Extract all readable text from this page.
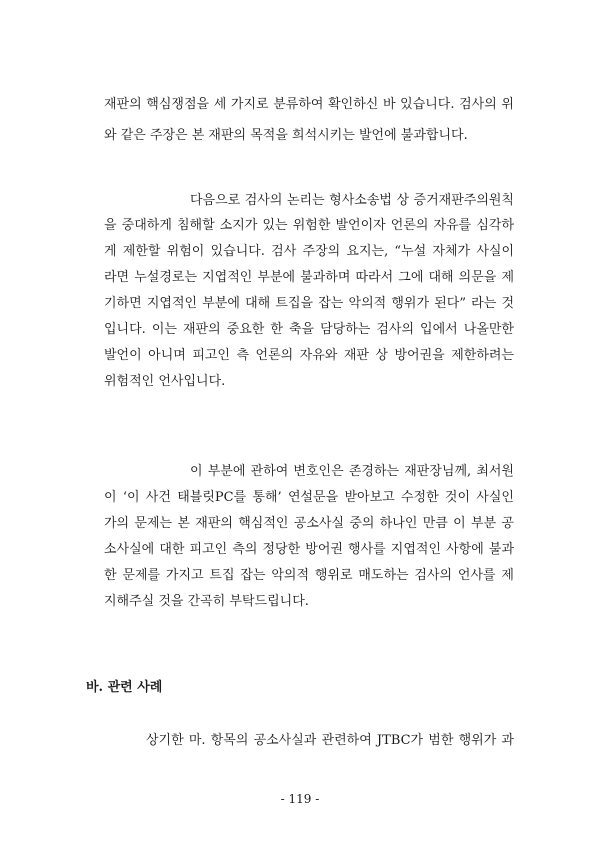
재판의 핵심쟁점을 세 가지로 분류하여 확인하신 바 있습니다. 검사의 위
와 같은 주장은 본 재판의 목적을 희석시키는 발언에 불과합니다.
다음으로 검사의 논리는 형사소송법 상 증거재판주의원칙
을 중대하게 침해할 소지가 있는 위험한 발언이자 언론의 자유를 심각하
게 제한할 위험이 있습니다. 검사 주장의 요지는, “누설 자체가 사실이
라면 누설경로는 지엽적인 부분에 불과하며 따라서 그에 대해 의문을 제
기하면 지엽적인 부분에 대해 트집을 잡는 악의적 행위가 된다” 라는 것
입니다. 이는 재판의 중요한 한 축을 담당하는 검사의 입에서 나올만한
발언이 아니며 피고인 측 언론의 자유와 재판 상 방어권을 제한하려는
위험적인 언사입니다.
이 부분에 관하여 변호인은 존경하는 재판장님께, 최서원
이 ‘이 사건 태블릿PC를 통해’ 연설문을 받아보고 수정한 것이 사실인
가의 문제는 본 재판의 핵심적인 공소사실 중의 하나인 만큼 이 부분 공
소사실에 대한 피고인 측의 정당한 방어권 행사를 지엽적인 사항에 불과
한 문제를 가지고 트집 잡는 악의적 행위로 매도하는 검사의 언사를 제
지해주실 것을 간곡히 부탁드립니다.
바. 관련 사례
상기한 마. 항목의 공소사실과 관련하여 JTBC가 범한 행위가 과
- 119 -
